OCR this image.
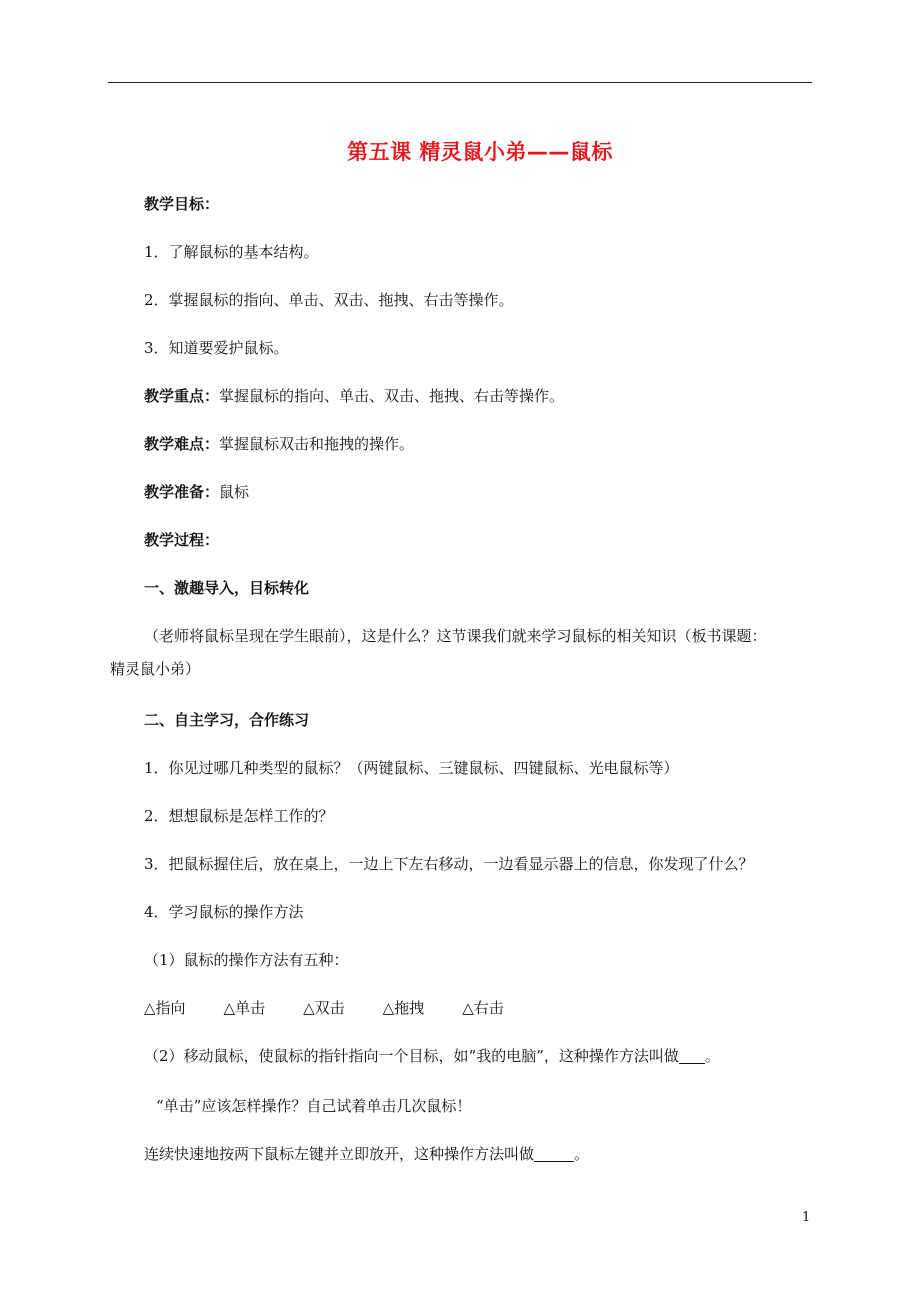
第五课 精灵鼠小弟——鼠标
教学目标：
1．了解鼠标的基本结构。
2．掌握鼠标的指向、单击、双击、拖拽、右击等操作。
3．知道要爱护鼠标。
教学重点：掌握鼠标的指向、单击、双击、拖拽、右击等操作。
教学难点：掌握鼠标双击和拖拽的操作。
教学准备：鼠标
教学过程：
一、激趣导入，目标转化
（老师将鼠标呈现在学生眼前），这是什么？这节课我们就来学习鼠标的相关知识（板书课题：
精灵鼠小弟）
二、自主学习，合作练习
1．你见过哪几种类型的鼠标？（两键鼠标、三键鼠标、四键鼠标、光电鼠标等）
2．想想鼠标是怎样工作的？
3．把鼠标握住后，放在桌上，一边上下左右移动，一边看显示器上的信息，你发现了什么？
4．学习鼠标的操作方法
（1）鼠标的操作方法有五种：
△指向	△单击	△双击	△拖拽	△右击
（2）移动鼠标，使鼠标的指针指向一个目标，如“我的电脑”，这种操作方法叫做 。
“单击”应该怎样操作？自己试着单击几次鼠标！
连续快速地按两下鼠标左键并立即放开，这种操作方法叫做	。
1
